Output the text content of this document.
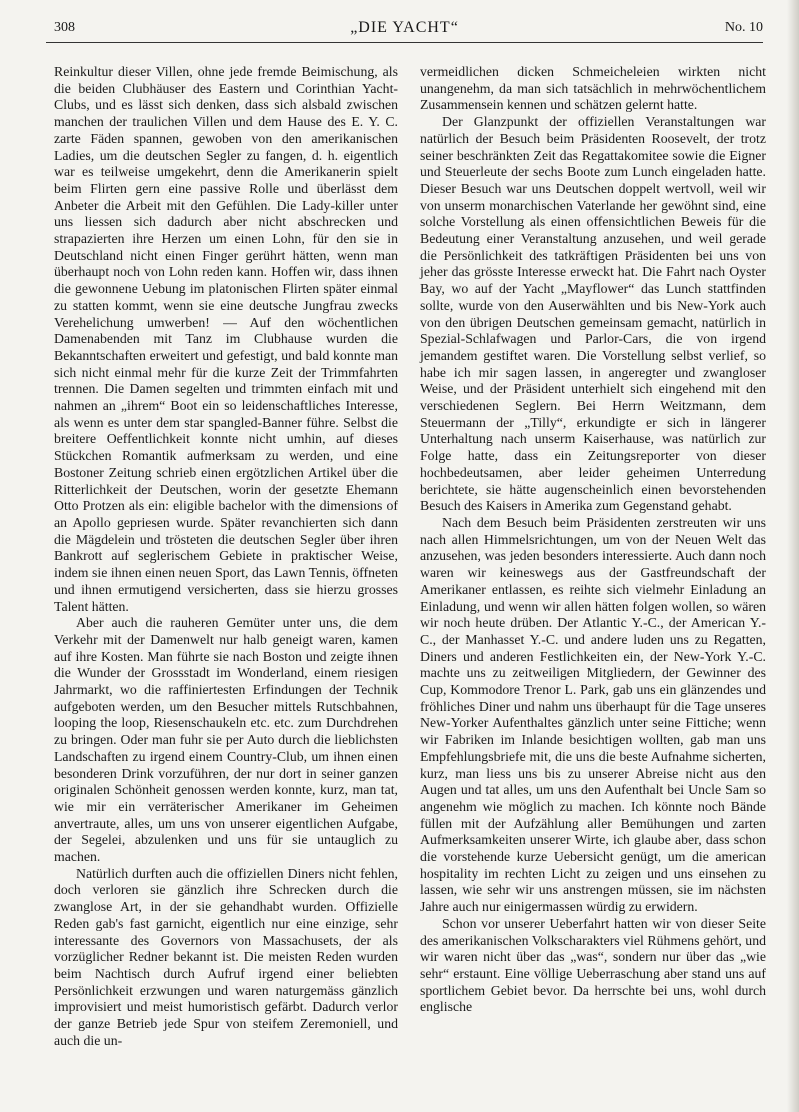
308	„DIE YACHT“	No. 10

Reinkultur dieser Villen, ohne jede fremde Beimischung, als die beiden Clubhäuser des Eastern und Corinthian Yacht-Clubs, und es lässt sich denken, dass sich alsbald zwischen manchen der traulichen Villen und dem Hause des E. Y. C. zarte Fäden spannen, gewoben von den amerikanischen Ladies, um die deutschen Segler zu fangen, d. h. eigentlich war es teilweise umgekehrt, denn die Amerikanerin spielt beim Flirten gern eine passive Rolle und überlässt dem Anbeter die Arbeit mit den Gefühlen. Die Lady-killer unter uns liessen sich dadurch aber nicht abschrecken und strapazierten ihre Herzen um einen Lohn, für den sie in Deutschland nicht einen Finger gerührt hätten, wenn man überhaupt noch von Lohn reden kann. Hoffen wir, dass ihnen die gewonnene Uebung im platonischen Flirten später einmal zu statten kommt, wenn sie eine deutsche Jungfrau zwecks Verehelichung umwerben! — Auf den wöchentlichen Damenabenden mit Tanz im Clubhause wurden die Bekanntschaften erweitert und gefestigt, und bald konnte man sich nicht einmal mehr für die kurze Zeit der Trimmfahrten trennen. Die Damen segelten und trimmten einfach mit und nahmen an „ihrem“ Boot ein so leidenschaftliches Interesse, als wenn es unter dem star spangled-Banner führe. Selbst die breitere Oeffentlichkeit konnte nicht umhin, auf dieses Stückchen Romantik aufmerksam zu werden, und eine Bostoner Zeitung schrieb einen ergötzlichen Artikel über die Ritterlichkeit der Deutschen, worin der gesetzte Ehemann Otto Protzen als ein: eligible bachelor with the dimensions of an Apollo gepriesen wurde. Später revanchierten sich dann die Mägdelein und trösteten die deutschen Segler über ihren Bankrott auf seglerischem Gebiete in praktischer Weise, indem sie ihnen einen neuen Sport, das Lawn Tennis, öffneten und ihnen ermutigend versicherten, dass sie hierzu grosses Talent hätten.

Aber auch die rauheren Gemüter unter uns, die dem Verkehr mit der Damenwelt nur halb geneigt waren, kamen auf ihre Kosten. Man führte sie nach Boston und zeigte ihnen die Wunder der Grossstadt im Wonderland, einem riesigen Jahrmarkt, wo die raffiniertesten Erfindungen der Technik aufgeboten werden, um den Besucher mittels Rutschbahnen, looping the loop, Riesenschaukeln etc. etc. zum Durchdrehen zu bringen. Oder man fuhr sie per Auto durch die lieblichsten Landschaften zu irgend einem Country-Club, um ihnen einen besonderen Drink vorzuführen, der nur dort in seiner ganzen originalen Schönheit genossen werden konnte, kurz, man tat, wie mir ein verräterischer Amerikaner im Geheimen anvertraute, alles, um uns von unserer eigentlichen Aufgabe, der Segelei, abzulenken und uns für sie untauglich zu machen.

Natürlich durften auch die offiziellen Diners nicht fehlen, doch verloren sie gänzlich ihre Schrecken durch die zwanglose Art, in der sie gehandhabt wurden. Offizielle Reden gab's fast garnicht, eigentlich nur eine einzige, sehr interessante des Governors von Massachusets, der als vorzüglicher Redner bekannt ist. Die meisten Reden wurden beim Nachtisch durch Aufruf irgend einer beliebten Persönlichkeit erzwungen und waren naturgemäss gänzlich improvisiert und meist humoristisch gefärbt. Dadurch verlor der ganze Betrieb jede Spur von steifem Zeremoniell, und auch die un-

vermeidlichen dicken Schmeicheleien wirkten nicht unangenehm, da man sich tatsächlich in mehrwöchentlichem Zusammensein kennen und schätzen gelernt hatte.

Der Glanzpunkt der offiziellen Veranstaltungen war natürlich der Besuch beim Präsidenten Roosevelt, der trotz seiner beschränkten Zeit das Regattakomitee sowie die Eigner und Steuerleute der sechs Boote zum Lunch eingeladen hatte. Dieser Besuch war uns Deutschen doppelt wertvoll, weil wir von unserm monarchischen Vaterlande her gewöhnt sind, eine solche Vorstellung als einen offensichtlichen Beweis für die Bedeutung einer Veranstaltung anzusehen, und weil gerade die Persönlichkeit des tatkräftigen Präsidenten bei uns von jeher das grösste Interesse erweckt hat. Die Fahrt nach Oyster Bay, wo auf der Yacht „Mayflower“ das Lunch stattfinden sollte, wurde von den Auserwählten und bis New-York auch von den übrigen Deutschen gemeinsam gemacht, natürlich in Spezial-Schlafwagen und Parlor-Cars, die von irgend jemandem gestiftet waren. Die Vorstellung selbst verlief, so habe ich mir sagen lassen, in angeregter und zwangloser Weise, und der Präsident unterhielt sich eingehend mit den verschiedenen Seglern. Bei Herrn Weitzmann, dem Steuermann der „Tilly“, erkundigte er sich in längerer Unterhaltung nach unserm Kaiserhause, was natürlich zur Folge hatte, dass ein Zeitungsreporter von dieser hochbedeutsamen, aber leider geheimen Unterredung berichtete, sie hätte augenscheinlich einen bevorstehenden Besuch des Kaisers in Amerika zum Gegenstand gehabt.

Nach dem Besuch beim Präsidenten zerstreuten wir uns nach allen Himmelsrichtungen, um von der Neuen Welt das anzusehen, was jeden besonders interessierte. Auch dann noch waren wir keineswegs aus der Gastfreundschaft der Amerikaner entlassen, es reihte sich vielmehr Einladung an Einladung, und wenn wir allen hätten folgen wollen, so wären wir noch heute drüben. Der Atlantic Y.-C., der American Y.-C., der Manhasset Y.-C. und andere luden uns zu Regatten, Diners und anderen Festlichkeiten ein, der New-York Y.-C. machte uns zu zeitweiligen Mitgliedern, der Gewinner des Cup, Kommodore Trenor L. Park, gab uns ein glänzendes und fröhliches Diner und nahm uns überhaupt für die Tage unseres New-Yorker Aufenthaltes gänzlich unter seine Fittiche; wenn wir Fabriken im Inlande besichtigen wollten, gab man uns Empfehlungsbriefe mit, die uns die beste Aufnahme sicherten, kurz, man liess uns bis zu unserer Abreise nicht aus den Augen und tat alles, um uns den Aufenthalt bei Uncle Sam so angenehm wie möglich zu machen. Ich könnte noch Bände füllen mit der Aufzählung aller Bemühungen und zarten Aufmerksamkeiten unserer Wirte, ich glaube aber, dass schon die vorstehende kurze Uebersicht genügt, um die american hospitality im rechten Licht zu zeigen und uns einsehen zu lassen, wie sehr wir uns anstrengen müssen, sie im nächsten Jahre auch nur einigermassen würdig zu erwidern.

Schon vor unserer Ueberfahrt hatten wir von dieser Seite des amerikanischen Volkscharakters viel Rühmens gehört, und wir waren nicht über das „was“, sondern nur über das „wie sehr“ erstaunt. Eine völlige Ueberraschung aber stand uns auf sportlichem Gebiet bevor. Da herrschte bei uns, wohl durch englische
